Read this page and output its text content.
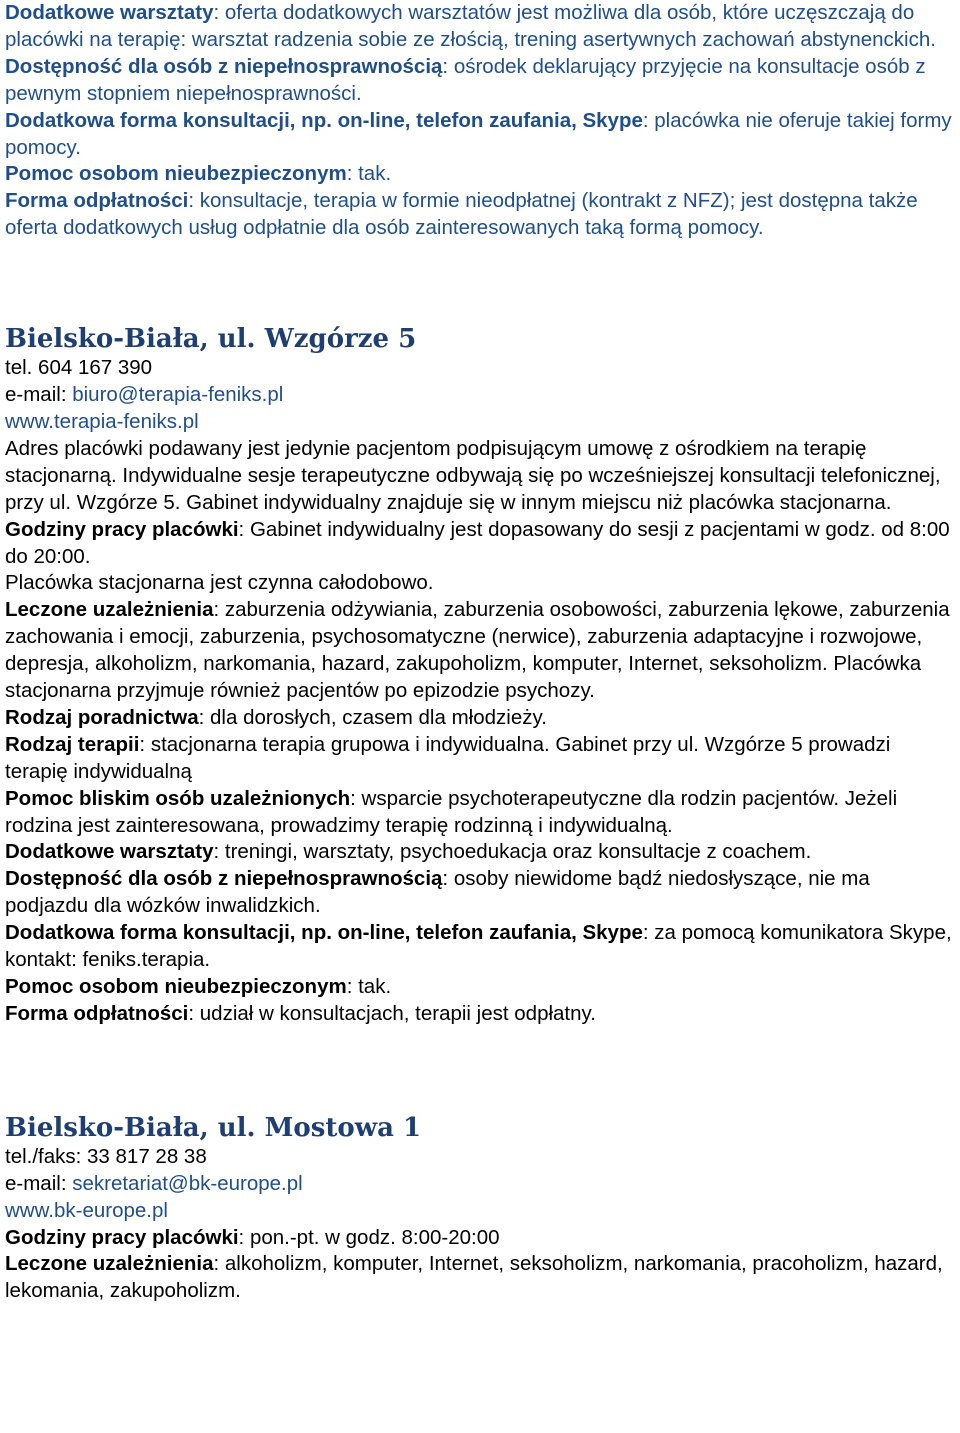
Dodatkowe warsztaty: oferta dodatkowych warsztatów jest możliwa dla osób, które uczęszczają do placówki na terapię: warsztat radzenia sobie ze złością, trening asertywnych zachowań abstynenckich.

Dostępność dla osób z niepełnosprawnością: ośrodek deklarujący przyjęcie na konsultacje osób z pewnym stopniem niepełnosprawności.

Dodatkowa forma konsultacji, np. on-line, telefon zaufania, Skype: placówka nie oferuje takiej formy pomocy.

Pomoc osobom nieubezpieczonym: tak.

Forma odpłatności: konsultacje, terapia w formie nieodpłatnej (kontrakt z NFZ); jest dostępna także oferta dodatkowych usług odpłatnie dla osób zainteresowanych taką formą pomocy.

Bielsko-Biała, ul. Wzgórze 5

tel. 604 167 390

e-mail: biuro@terapia-feniks.pl

www.terapia-feniks.pl

Adres placówki podawany jest jedynie pacjentom podpisującym umowę z ośrodkiem na terapię stacjonarną. Indywidualne sesje terapeutyczne odbywają się po wcześniejszej konsultacji telefonicznej, przy ul. Wzgórze 5. Gabinet indywidualny znajduje się w innym miejscu niż placówka stacjonarna.

Godziny pracy placówki: Gabinet indywidualny jest dopasowany do sesji z pacjentami w godz. od 8:00 do 20:00.

Placówka stacjonarna jest czynna całodobowo.

Leczone uzależnienia: zaburzenia odżywiania, zaburzenia osobowości, zaburzenia lękowe, zaburzenia zachowania i emocji, zaburzenia, psychosomatyczne (nerwice), zaburzenia adaptacyjne i rozwojowe, depresja, alkoholizm, narkomania, hazard, zakupoholizm, komputer, Internet, seksoholizm. Placówka stacjonarna przyjmuje również pacjentów po epizodzie psychozy.

Rodzaj poradnictwa: dla dorosłych, czasem dla młodzieży.

Rodzaj terapii: stacjonarna terapia grupowa i indywidualna. Gabinet przy ul. Wzgórze 5 prowadzi terapię indywidualną

Pomoc bliskim osób uzależnionych: wsparcie psychoterapeutyczne dla rodzin pacjentów. Jeżeli rodzina jest zainteresowana, prowadzimy terapię rodzinną i indywidualną.

Dodatkowe warsztaty: treningi, warsztaty, psychoedukacja oraz konsultacje z coachem.

Dostępność dla osób z niepełnosprawnością: osoby niewidome bądź niedosłyszące, nie ma podjazdu dla wózków inwalidzkich.

Dodatkowa forma konsultacji, np. on-line, telefon zaufania, Skype: za pomocą komunikatora Skype, kontakt: feniks.terapia.

Pomoc osobom nieubezpieczonym: tak.

Forma odpłatności: udział w konsultacjach, terapii jest odpłatny.

Bielsko-Biała, ul. Mostowa 1

tel./faks: 33 817 28 38

e-mail: sekretariat@bk-europe.pl

www.bk-europe.pl

Godziny pracy placówki: pon.-pt. w godz. 8:00-20:00

Leczone uzależnienia: alkoholizm, komputer, Internet, seksoholizm, narkomania, pracoholizm, hazard, lekomania, zakupoholizm.
